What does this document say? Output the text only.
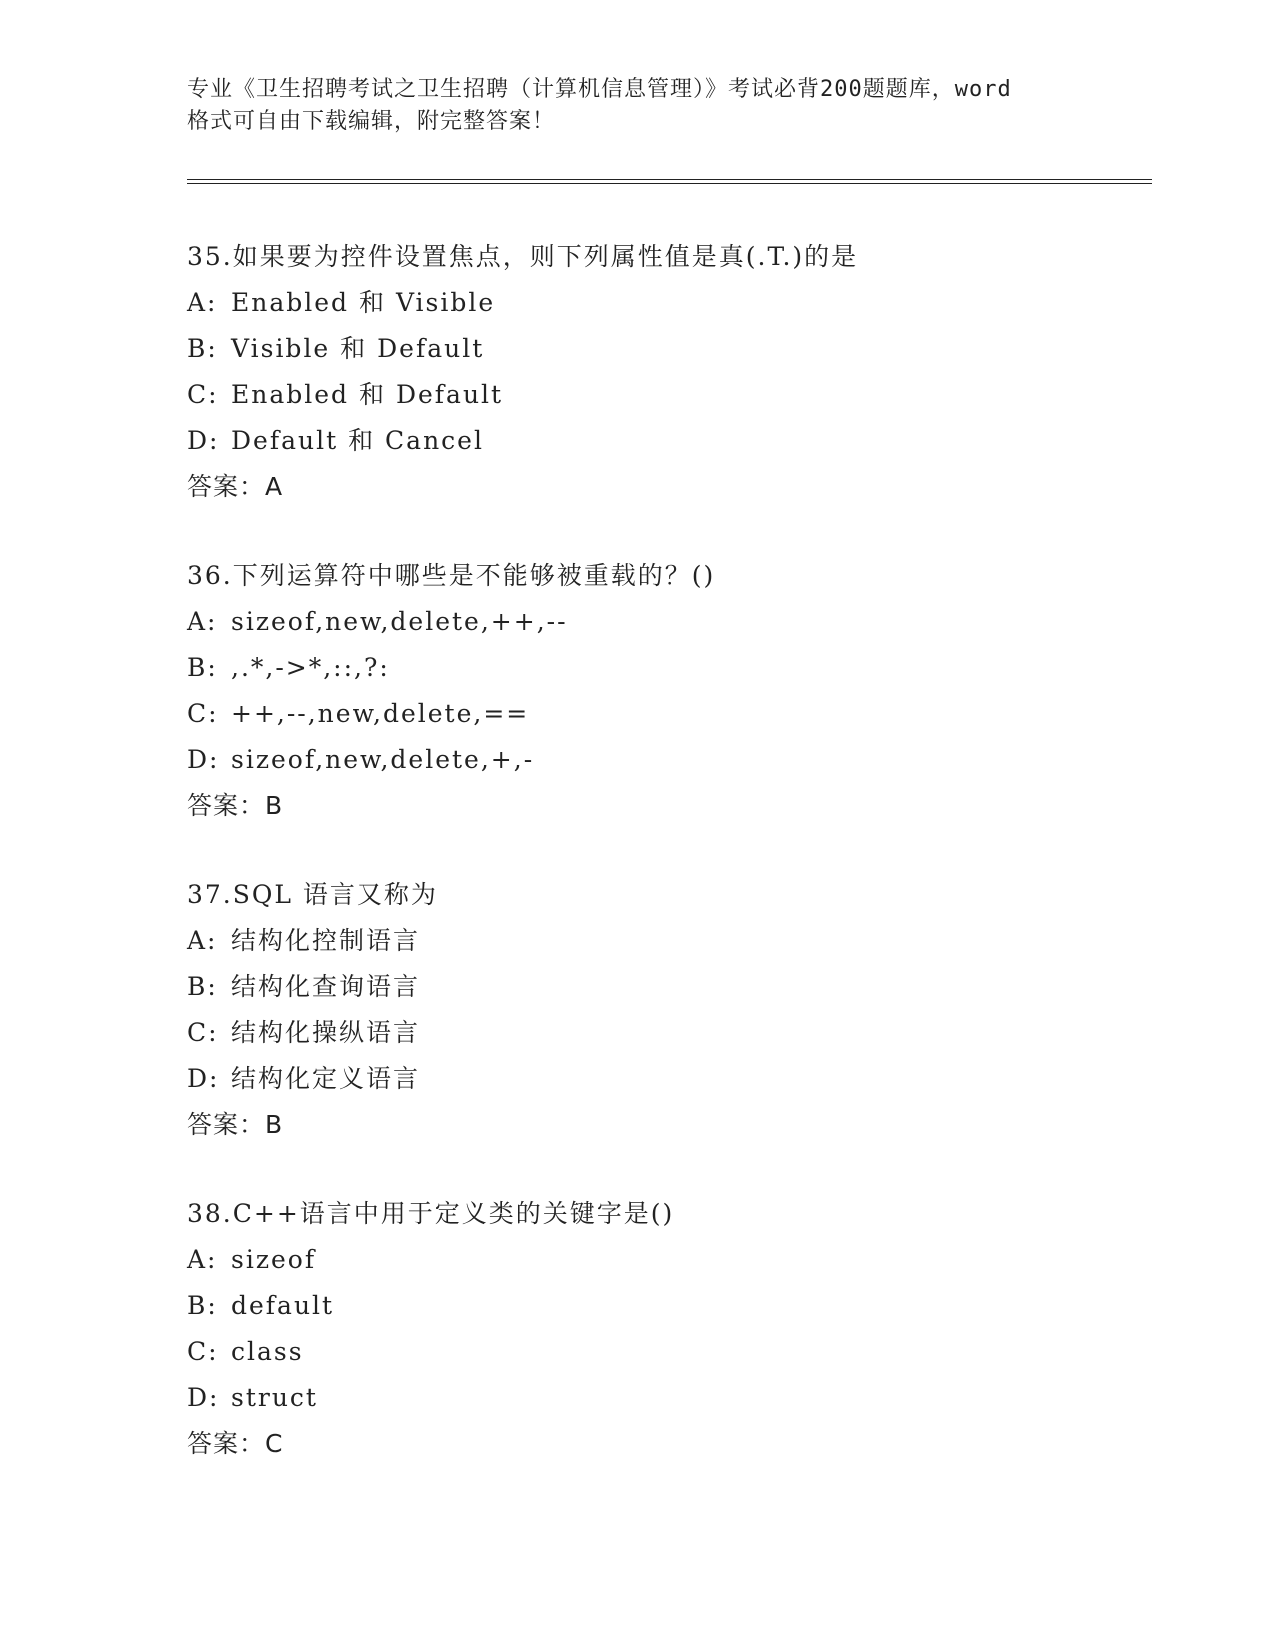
专业《卫生招聘考试之卫生招聘（计算机信息管理）》考试必背200题题库，word
格式可自由下载编辑，附完整答案！
35.如果要为控件设置焦点，则下列属性值是真(.T.)的是
A: Enabled 和 Visible
B: Visible 和 Default
C: Enabled 和 Default
D: Default 和 Cancel
答案：A
36.下列运算符中哪些是不能够被重载的？()
A: sizeof,new,delete,++,--
B: ,.*,->*,::,?:
C: ++,--,new,delete,==
D: sizeof,new,delete,+,-
答案：B
37.SQL 语言又称为
A: 结构化控制语言
B: 结构化查询语言
C: 结构化操纵语言
D: 结构化定义语言
答案：B
38.C++语言中用于定义类的关键字是()
A: sizeof
B: default
C: class
D: struct
答案：C
